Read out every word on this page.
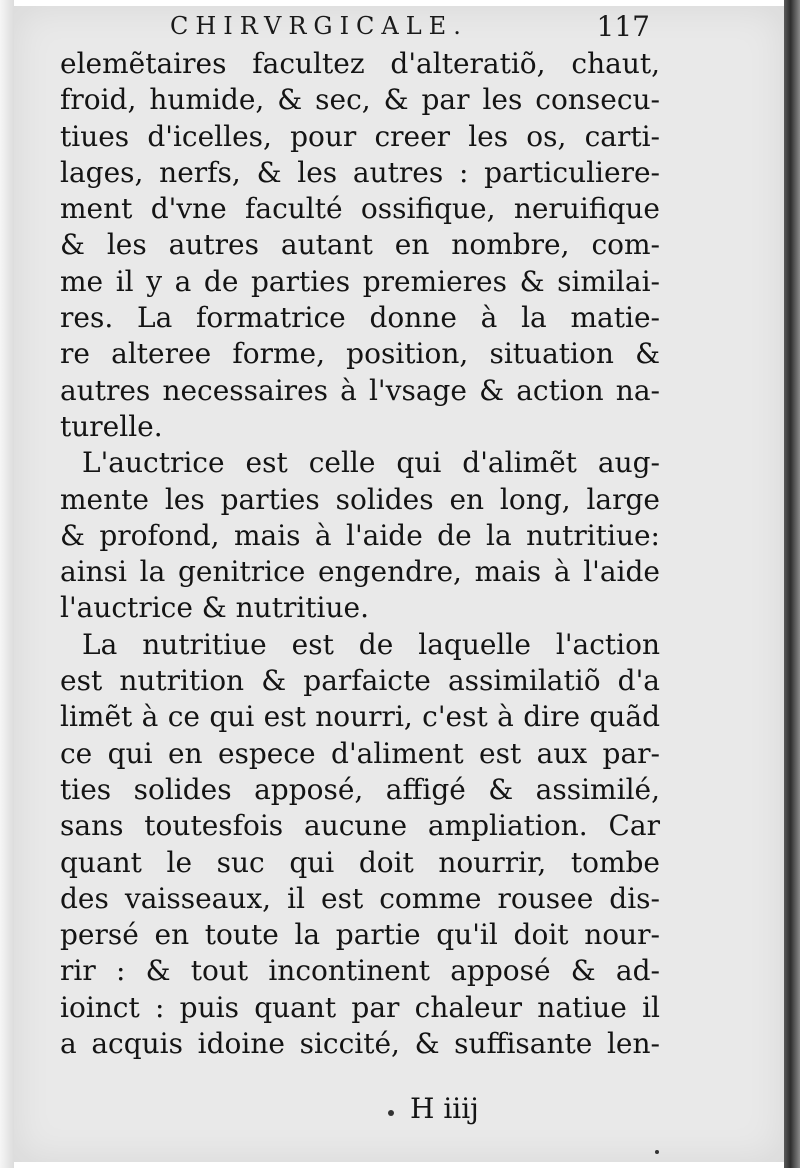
CHIRVRGICALE.	117
elemẽtaires facultez d'alteratiõ, chaut,
froid, humide, & sec, & par les consecu-
tiues d'icelles, pour creer les os, carti-
lages, nerfs, & les autres : particuliere-
ment d'vne faculté ossifique, neruifique
& les autres autant en nombre, com-
me il y a de parties premieres & similai-
res. La formatrice donne à la matie-
re alteree forme, position, situation &
autres necessaires à l'vsage & action na-
turelle.
L'auctrice est celle qui d'alimẽt aug-
mente les parties solides en long, large
& profond, mais à l'aide de la nutritiue:
ainsi la genitrice engendre, mais à l'aide
l'auctrice & nutritiue.
La nutritiue est de laquelle l'action
est nutrition & parfaicte assimilatiõ d'a
limẽt à ce qui est nourri, c'est à dire quãd
ce qui en espece d'aliment est aux par-
ties solides apposé, affigé & assimilé,
sans toutesfois aucune ampliation. Car
quant le suc qui doit nourrir, tombe
des vaisseaux, il est comme rousee dis-
persé en toute la partie qu'il doit nour-
rir : & tout incontinent apposé & ad-
ioinct : puis quant par chaleur natiue il
a acquis idoine siccité, & suffisante len-
H iiij
